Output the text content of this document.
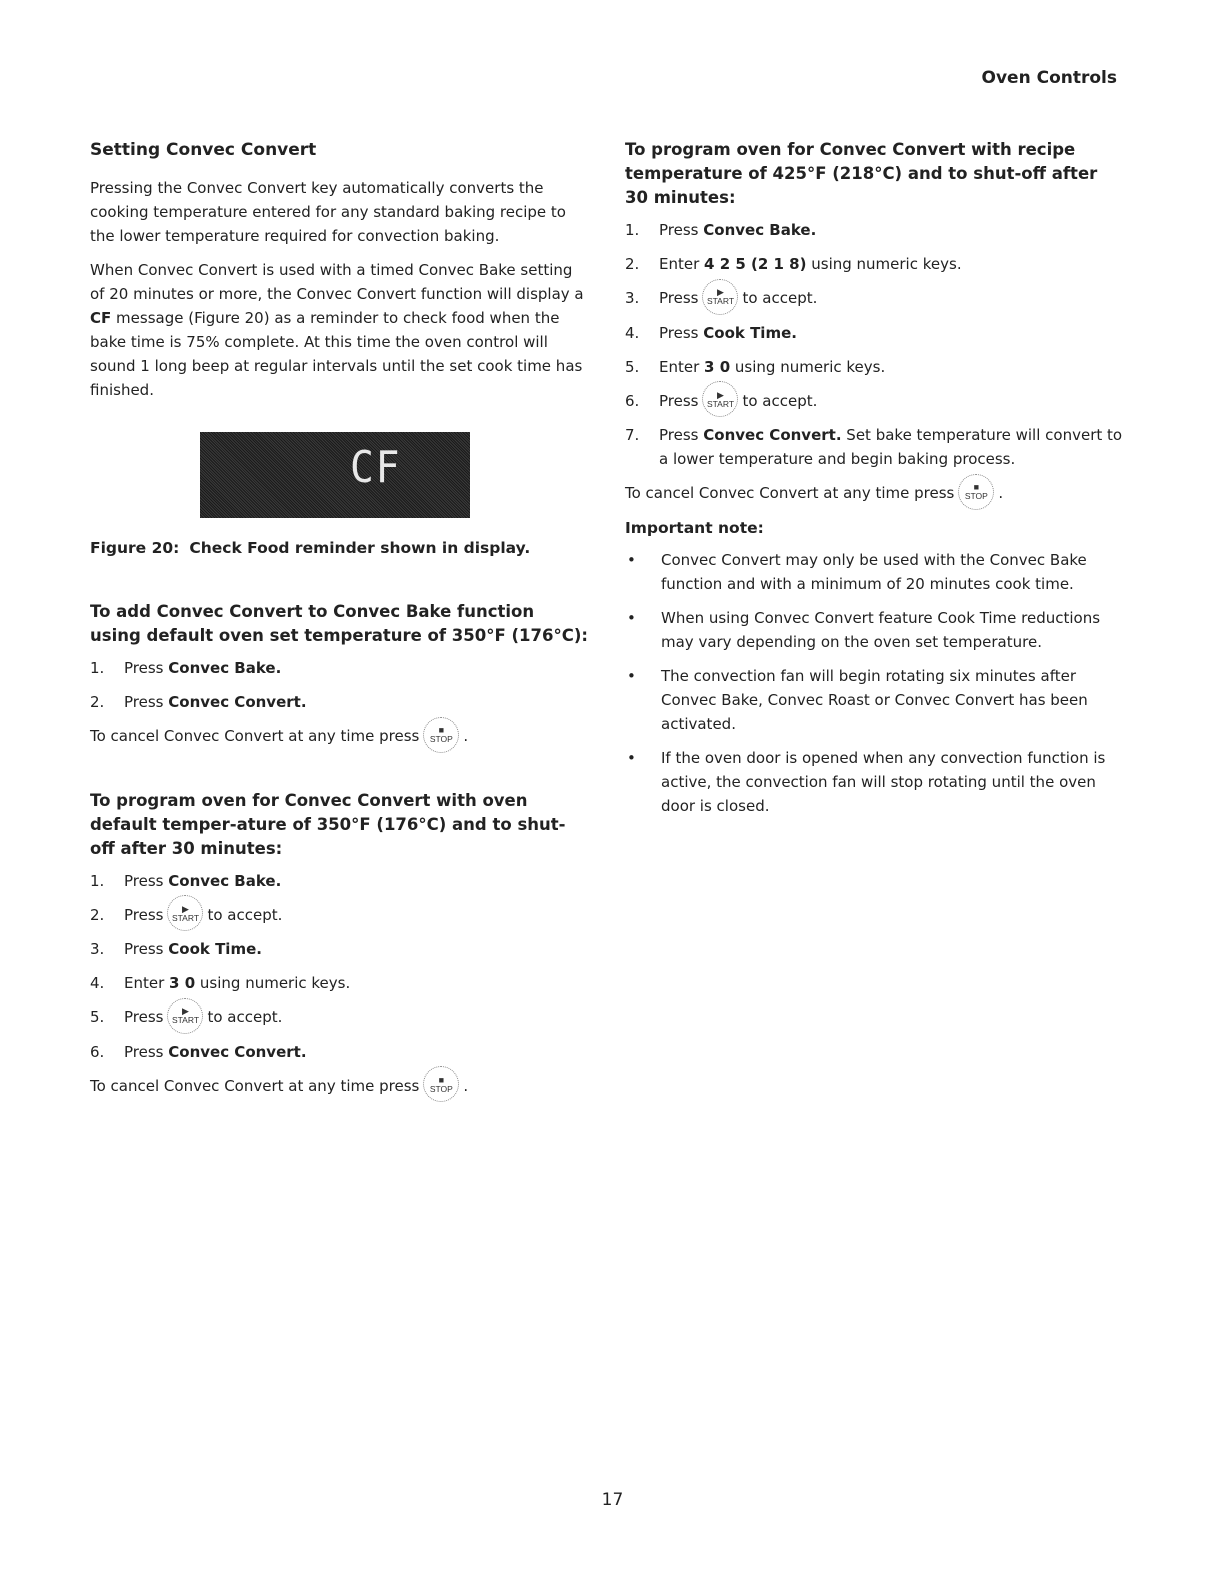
Oven Controls
Setting Convec Convert

Pressing the Convec Convert key automatically converts the cooking temperature entered for any standard baking recipe to the lower temperature required for convection baking.

When Convec Convert is used with a timed Convec Bake setting of 20 minutes or more, the Convec Convert function will display a CF message (Figure 20) as a reminder to check food when the bake time is 75% complete. At this time the oven control will sound 1 long beep at regular intervals until the set cook time has finished.

CF

Figure 20: Check Food reminder shown in display.

To add Convec Convert to Convec Bake function using default oven set temperature of 350°F (176°C):
1.	Press Convec Bake.
2.	Press Convec Convert.

To cancel Convec Convert at any time press ■
STOP .

To program oven for Convec Convert with oven default temper-ature of 350°F (176°C) and to shut-off after 30 minutes:
1.	Press Convec Bake.
2.	Press ▶
START to accept.
3.	Press Cook Time.
4.	Enter 3 0 using numeric keys.
5.	Press ▶
START to accept.
6.	Press Convec Convert.

To cancel Convec Convert at any time press ■
STOP .

To program oven for Convec Convert with recipe temperature of 425°F (218°C) and to shut-off after 30 minutes:
1.	Press Convec Bake.
2.	Enter 4 2 5 (2 1 8) using numeric keys.
3.	Press ▶
START to accept.
4.	Press Cook Time.
5.	Enter 3 0 using numeric keys.
6.	Press ▶
START to accept.
7.	Press Convec Convert. Set bake temperature will convert to a lower temperature and begin baking process.

To cancel Convec Convert at any time press ■
STOP .

Important note:

•	Convec Convert may only be used with the Convec Bake function and with a minimum of 20 minutes cook time.
•	When using Convec Convert feature Cook Time reductions may vary depending on the oven set temperature.
•	The convection fan will begin rotating six minutes after Convec Bake, Convec Roast or Convec Convert has been activated.
•	If the oven door is opened when any convection function is active, the convection fan will stop rotating until the oven door is closed.
17
